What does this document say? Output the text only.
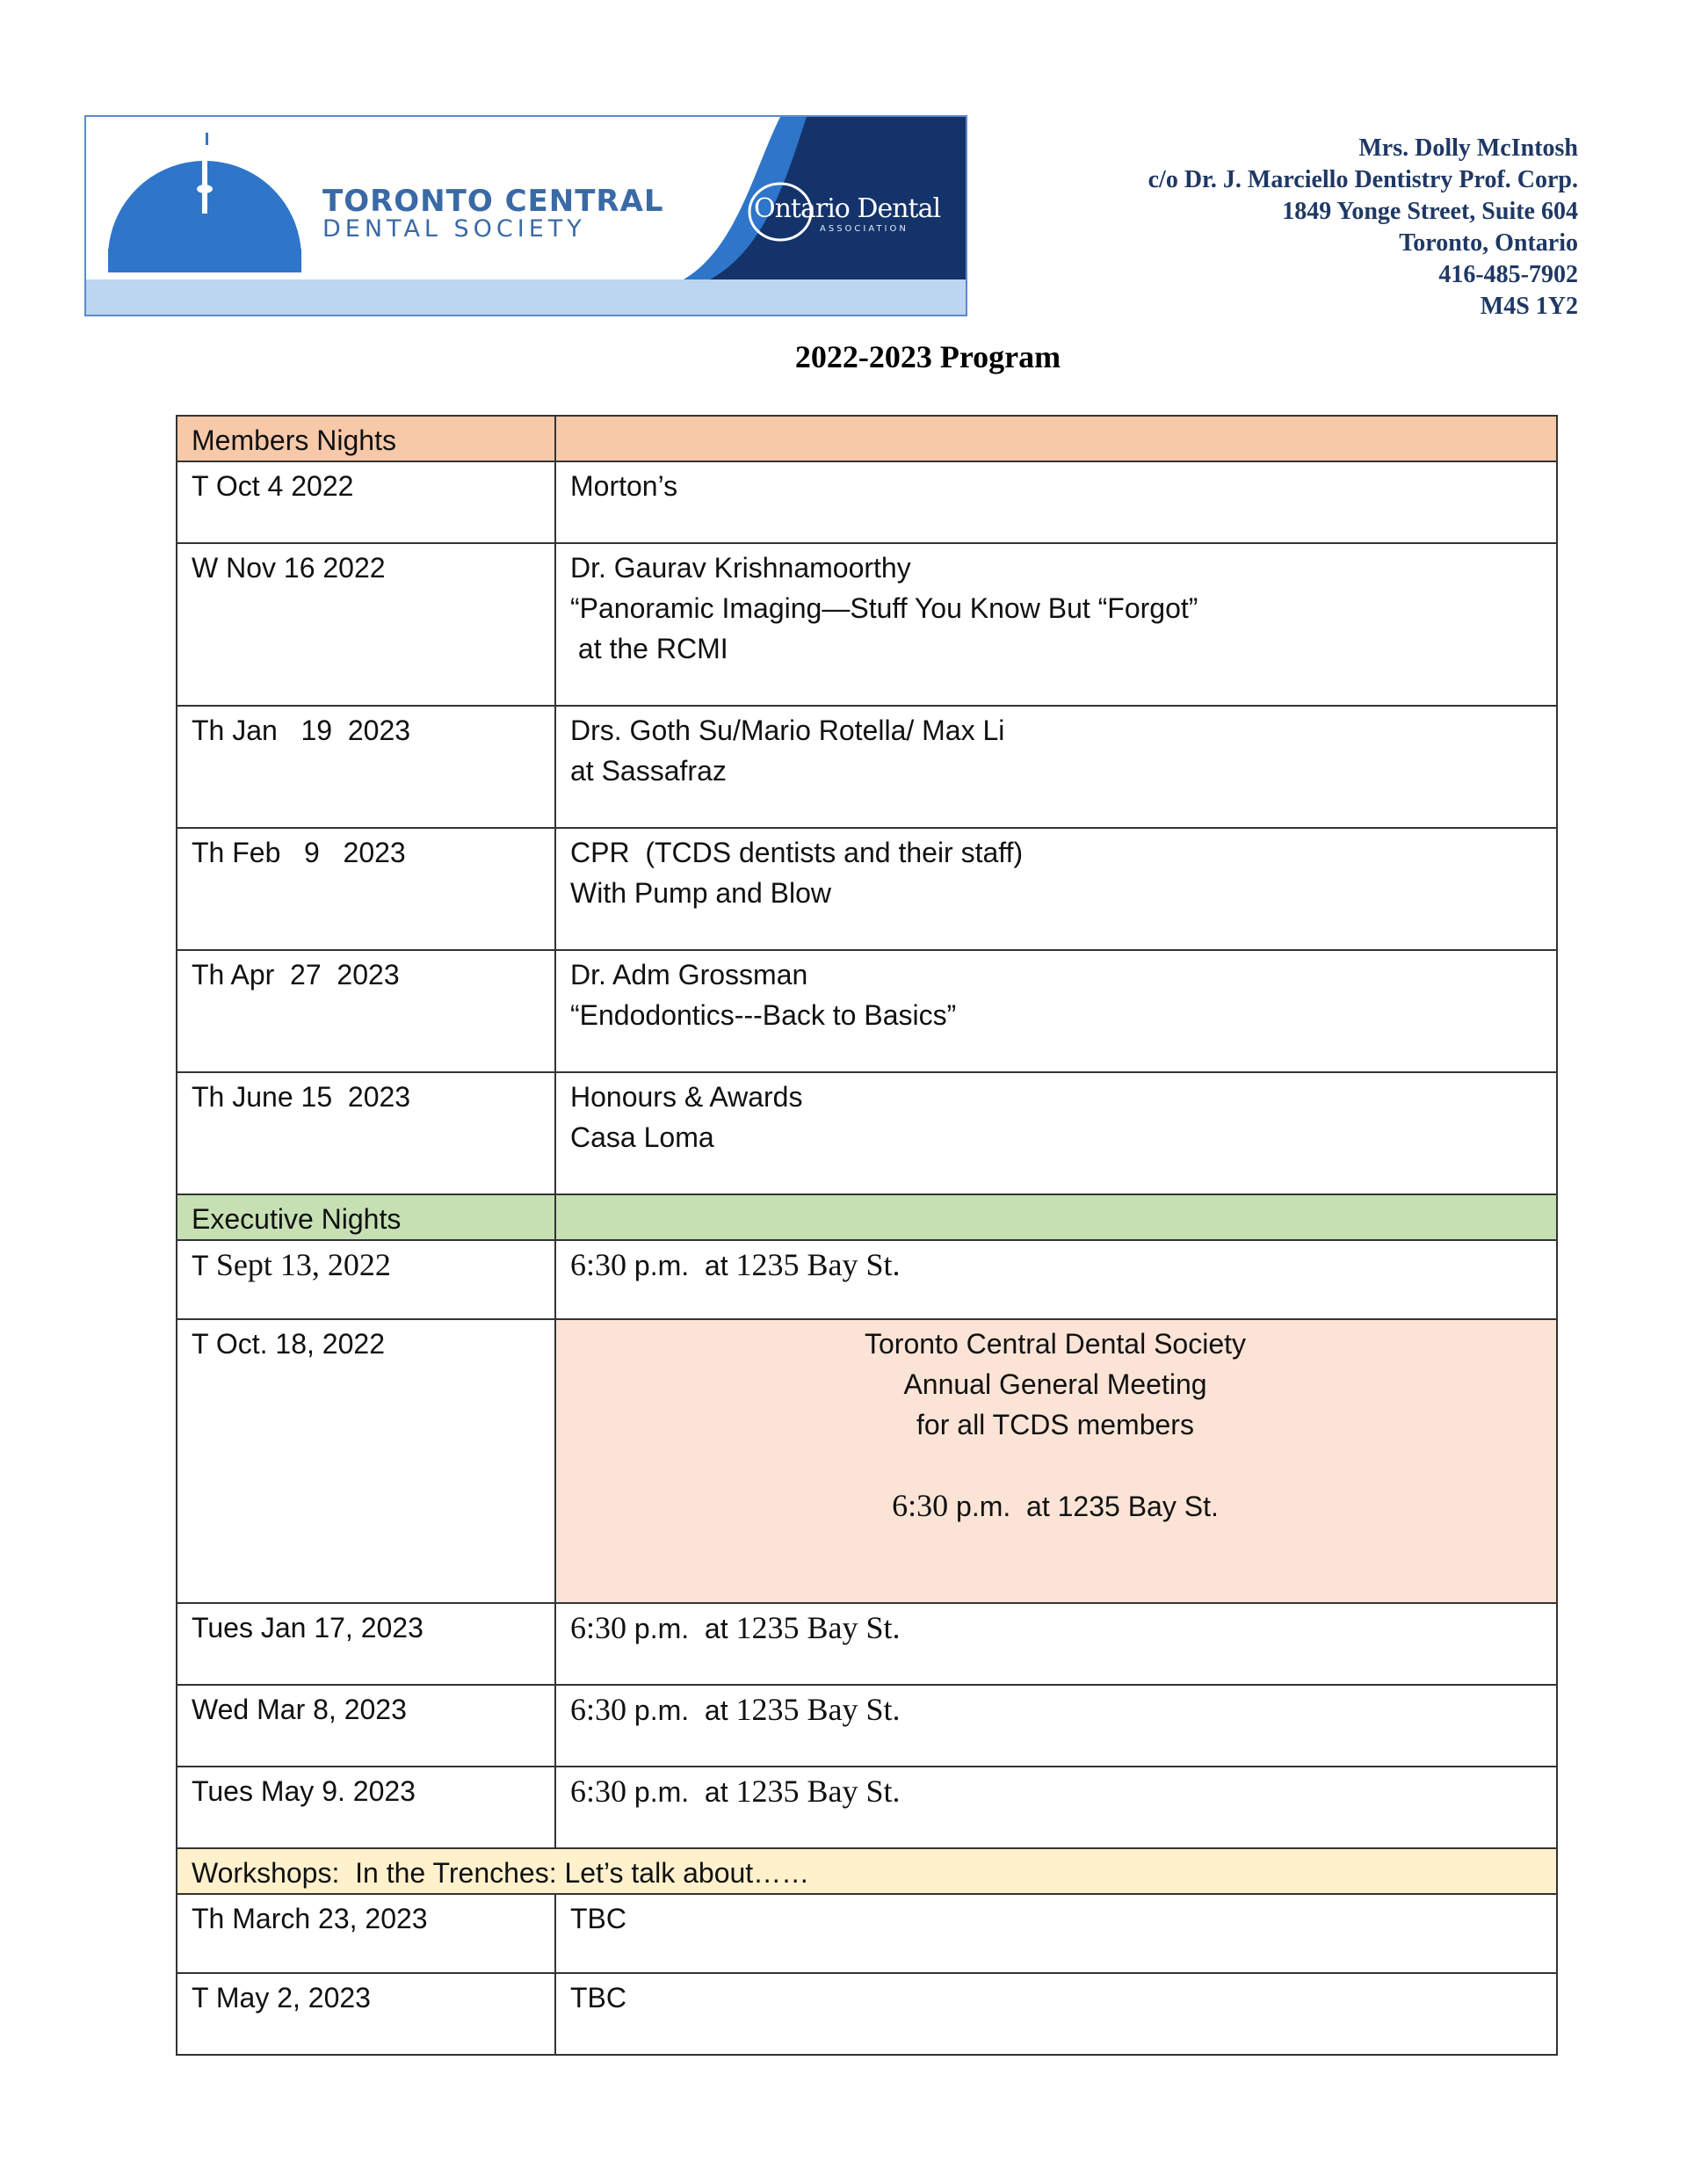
TORONTO CENTRAL
DENTAL SOCIETY
Ontario Dental
ASSOCIATION
Mrs. Dolly McIntosh
c/o Dr. J. Marciello Dentistry Prof. Corp.
1849 Yonge Street, Suite 604
Toronto, Ontario
416-485-7902
M4S 1Y2
2022-2023 Program
Members Nights	

T Oct 4 2022	Morton’s

W Nov 16 2022	Dr. Gaurav Krishnamoorthy
“Panoramic Imaging—Stuff You Know But “Forgot”
at the RCMI

Th Jan   19  2023	Drs. Goth Su/Mario Rotella/ Max Li
at Sassafraz

Th Feb   9   2023	CPR  (TCDS dentists and their staff)
With Pump and Blow

Th Apr  27  2023	Dr. Adm Grossman
“Endodontics---Back to Basics”

Th June 15  2023	Honours & Awards
Casa Loma

Executive Nights	

T Sept 13, 2022	6:30 p.m.  at 1235 Bay St.

T Oct. 18, 2022	Toronto Central Dental Society
Annual General Meeting
for all TCDS members
6:30 p.m.  at 1235 Bay St.

Tues Jan 17, 2023	6:30 p.m.  at 1235 Bay St.

Wed Mar 8, 2023	6:30 p.m.  at 1235 Bay St.

Tues May 9. 2023	6:30 p.m.  at 1235 Bay St.

Workshops:  In the Trenches: Let’s talk about……	

Th March 23, 2023	TBC

T May 2, 2023	TBC
